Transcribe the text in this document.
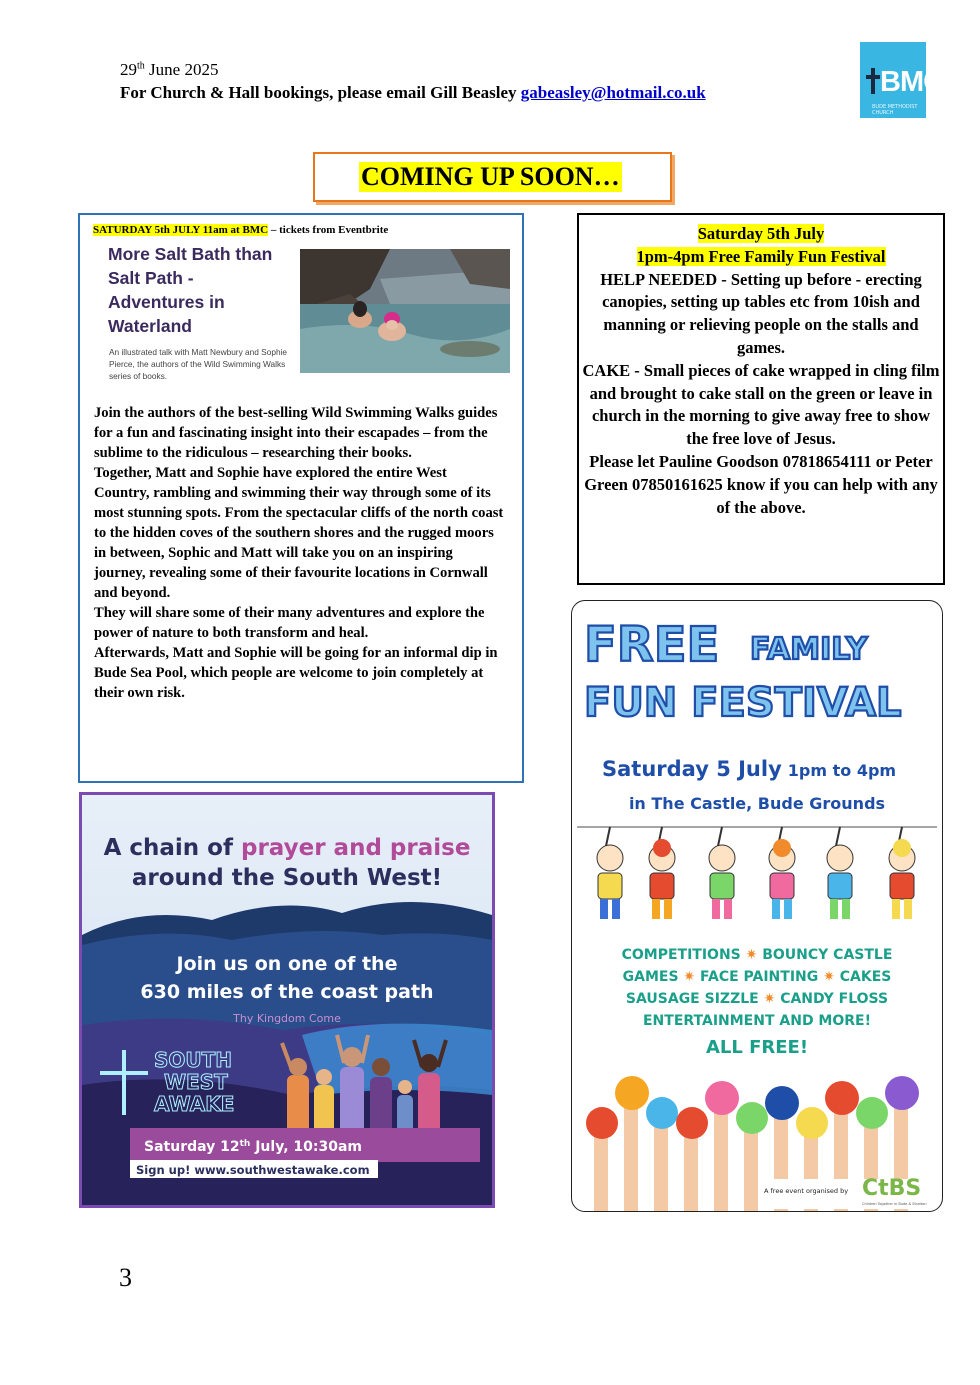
29th June 2025
For Church & Hall bookings, please email Gill Beasley gabeasley@hotmail.co.uk	BMC
BUDE METHODIST CHURCH
COMING UP SOON…
SATURDAY 5th JULY 11am at BMC – tickets from Eventbrite
More Salt Bath than
Salt Path -
Adventures in
Waterland
An illustrated talk with Matt Newbury and Sophie Pierce, the authors of the Wild Swimming Walks series of books.

Join the authors of the best-selling Wild Swimming Walks guides for a fun and fascinating insight into their escapades – from the sublime to the ridiculous – researching their books.

Together, Matt and Sophie have explored the entire West Country, rambling and swimming their way through some of its most stunning spots. From the spectacular cliffs of the north coast to the hidden coves of the southern shores and the rugged moors in between, Sophic and Matt will take you on an inspiring journey, revealing some of their favourite locations in Cornwall and beyond.

They will share some of their many adventures and explore the power of nature to both transform and heal.

Afterwards, Matt and Sophie will be going for an informal dip in Bude Sea Pool, which people are welcome to join completely at their own risk.

Saturday 5th July

1pm-4pm Free Family Fun Festival

HELP NEEDED - Setting up before - erecting canopies, setting up tables etc from 10ish and manning or relieving people on the stalls and games.

CAKE - Small pieces of cake wrapped in cling film and brought to cake stall on the green or leave in church in the morning to give away free to show the free love of Jesus.

Please let Pauline Goodson 07818654111 or Peter Green 07850161625 know if you can help with any of the above.

A chain of prayer and praise
around the South West!
Join us on one of the
630 miles of the coast path
Thy Kingdom Come
SOUTH
WEST
AWAKE
Saturday 12th July, 10:30am
Sign up! www.southwestawake.com
FREE FAMILY
FUN FESTIVAL
Saturday 5 July 1pm to 4pm
in The Castle, Bude Grounds
COMPETITIONS ✷ BOUNCY CASTLE
GAMES ✷ FACE PAINTING ✷ CAKES
SAUSAGE SIZZLE ✷ CANDY FLOSS
ENTERTAINMENT AND MORE!
ALL FREE!
A free event organised by CtBS
Children Together in Bude & Stratton
3
